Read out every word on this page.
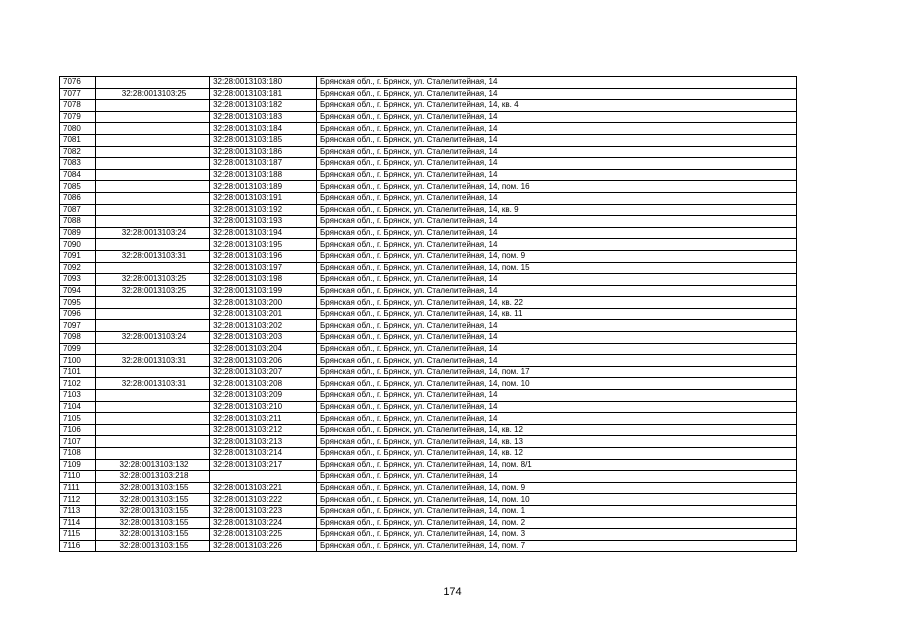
7076		32:28:0013103:180	Брянская обл., г. Брянск, ул. Сталелитейная, 14
7077	32:28:0013103:25	32:28:0013103:181	Брянская обл., г. Брянск, ул. Сталелитейная, 14
7078		32:28:0013103:182	Брянская обл., г. Брянск, ул. Сталелитейная, 14, кв. 4
7079		32:28:0013103:183	Брянская обл., г. Брянск, ул. Сталелитейная, 14
7080		32:28:0013103:184	Брянская обл., г. Брянск, ул. Сталелитейная, 14
7081		32:28:0013103:185	Брянская обл., г. Брянск, ул. Сталелитейная, 14
7082		32:28:0013103:186	Брянская обл., г. Брянск, ул. Сталелитейная, 14
7083		32:28:0013103:187	Брянская обл., г. Брянск, ул. Сталелитейная, 14
7084		32:28:0013103:188	Брянская обл., г. Брянск, ул. Сталелитейная, 14
7085		32:28:0013103:189	Брянская обл., г. Брянск, ул. Сталелитейная, 14, пом. 16
7086		32:28:0013103:191	Брянская обл., г. Брянск, ул. Сталелитейная, 14
7087		32:28:0013103:192	Брянская обл., г. Брянск, ул. Сталелитейная, 14, кв. 9
7088		32:28:0013103:193	Брянская обл., г. Брянск, ул. Сталелитейная, 14
7089	32:28:0013103:24	32:28:0013103:194	Брянская обл., г. Брянск, ул. Сталелитейная, 14
7090		32:28:0013103:195	Брянская обл., г. Брянск, ул. Сталелитейная, 14
7091	32:28:0013103:31	32:28:0013103:196	Брянская обл., г. Брянск, ул. Сталелитейная, 14, пом. 9
7092		32:28:0013103:197	Брянская обл., г. Брянск, ул. Сталелитейная, 14, пом. 15
7093	32:28:0013103:25	32:28:0013103:198	Брянская обл., г. Брянск, ул. Сталелитейная, 14
7094	32:28:0013103:25	32:28:0013103:199	Брянская обл., г. Брянск, ул. Сталелитейная, 14
7095		32:28:0013103:200	Брянская обл., г. Брянск, ул. Сталелитейная, 14, кв. 22
7096		32:28:0013103:201	Брянская обл., г. Брянск, ул. Сталелитейная, 14, кв. 11
7097		32:28:0013103:202	Брянская обл., г. Брянск, ул. Сталелитейная, 14
7098	32:28:0013103:24	32:28:0013103:203	Брянская обл., г. Брянск, ул. Сталелитейная, 14
7099		32:28:0013103:204	Брянская обл., г. Брянск, ул. Сталелитейная, 14
7100	32:28:0013103:31	32:28:0013103:206	Брянская обл., г. Брянск, ул. Сталелитейная, 14
7101		32:28:0013103:207	Брянская обл., г. Брянск, ул. Сталелитейная, 14, пом. 17
7102	32:28:0013103:31	32:28:0013103:208	Брянская обл., г. Брянск, ул. Сталелитейная, 14, пом. 10
7103		32:28:0013103:209	Брянская обл., г. Брянск, ул. Сталелитейная, 14
7104		32:28:0013103:210	Брянская обл., г. Брянск, ул. Сталелитейная, 14
7105		32:28:0013103:211	Брянская обл., г. Брянск, ул. Сталелитейная, 14
7106		32:28:0013103:212	Брянская обл., г. Брянск, ул. Сталелитейная, 14, кв. 12
7107		32:28:0013103:213	Брянская обл., г. Брянск, ул. Сталелитейная, 14, кв. 13
7108		32:28:0013103:214	Брянская обл., г. Брянск, ул. Сталелитейная, 14, кв. 12
7109	32:28:0013103:132	32:28:0013103:217	Брянская обл., г. Брянск, ул. Сталелитейная, 14, пом. 8/1
7110	32:28:0013103:218		Брянская обл., г. Брянск, ул. Сталелитейная, 14
7111	32:28:0013103:155	32:28:0013103:221	Брянская обл., г. Брянск, ул. Сталелитейная, 14, пом. 9
7112	32:28:0013103:155	32:28:0013103:222	Брянская обл., г. Брянск, ул. Сталелитейная, 14, пом. 10
7113	32:28:0013103:155	32:28:0013103:223	Брянская обл., г. Брянск, ул. Сталелитейная, 14, пом. 1
7114	32:28:0013103:155	32:28:0013103:224	Брянская обл., г. Брянск, ул. Сталелитейная, 14, пом. 2
7115	32:28:0013103:155	32:28:0013103:225	Брянская обл., г. Брянск, ул. Сталелитейная, 14, пом. 3
7116	32:28:0013103:155	32:28:0013103:226	Брянская обл., г. Брянск, ул. Сталелитейная, 14, пом. 7
174
